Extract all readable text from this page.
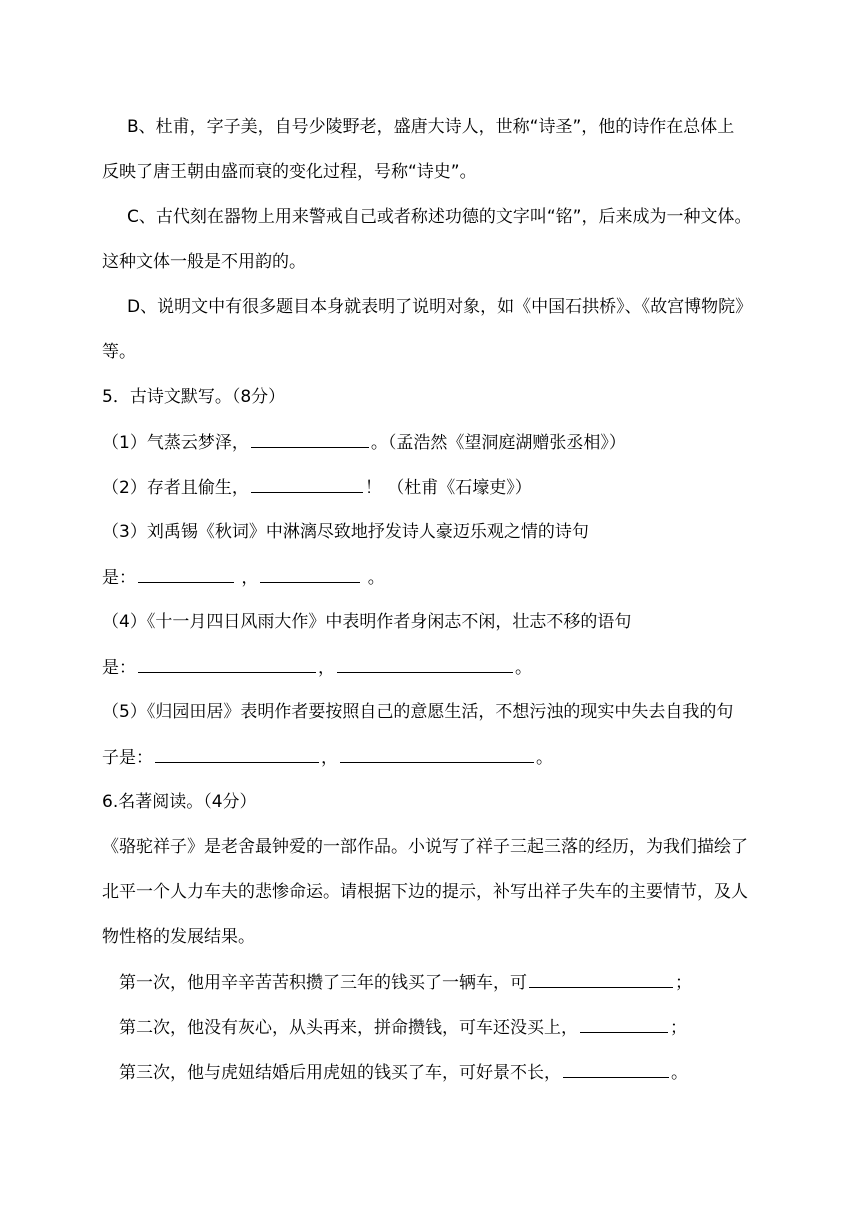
B、杜甫，字子美，自号少陵野老，盛唐大诗人，世称“诗圣”，他的诗作在总体上
反映了唐王朝由盛而衰的变化过程，号称“诗史”。
C、古代刻在器物上用来警戒自己或者称述功德的文字叫“铭”，后来成为一种文体。
这种文体一般是不用韵的。
D、说明文中有很多题目本身就表明了说明对象，如《中国石拱桥》、《故宫博物院》
等。
5．古诗文默写。（8分）
（1）气蒸云梦泽，	。（孟浩然《望洞庭湖赠张丞相》）
（2）存者且偷生，	！ （杜甫《石壕吏》）
（3）刘禹锡《秋词》中淋漓尽致地抒发诗人豪迈乐观之情的诗句
是：	，	。
（4）《十一月四日风雨大作》中表明作者身闲志不闲，壮志不移的语句
是：	，	。
（5）《归园田居》表明作者要按照自己的意愿生活，不想污浊的现实中失去自我的句
子是：	，	。
6.名著阅读。（4分）
《骆驼祥子》是老舍最钟爱的一部作品。小说写了祥子三起三落的经历，为我们描绘了
北平一个人力车夫的悲惨命运。请根据下边的提示，补写出祥子失车的主要情节，及人
物性格的发展结果。
第一次，他用辛辛苦苦积攒了三年的钱买了一辆车，可	；
第二次，他没有灰心，从头再来，拼命攒钱，可车还没买上，	；
第三次，他与虎妞结婚后用虎妞的钱买了车，可好景不长，	。
